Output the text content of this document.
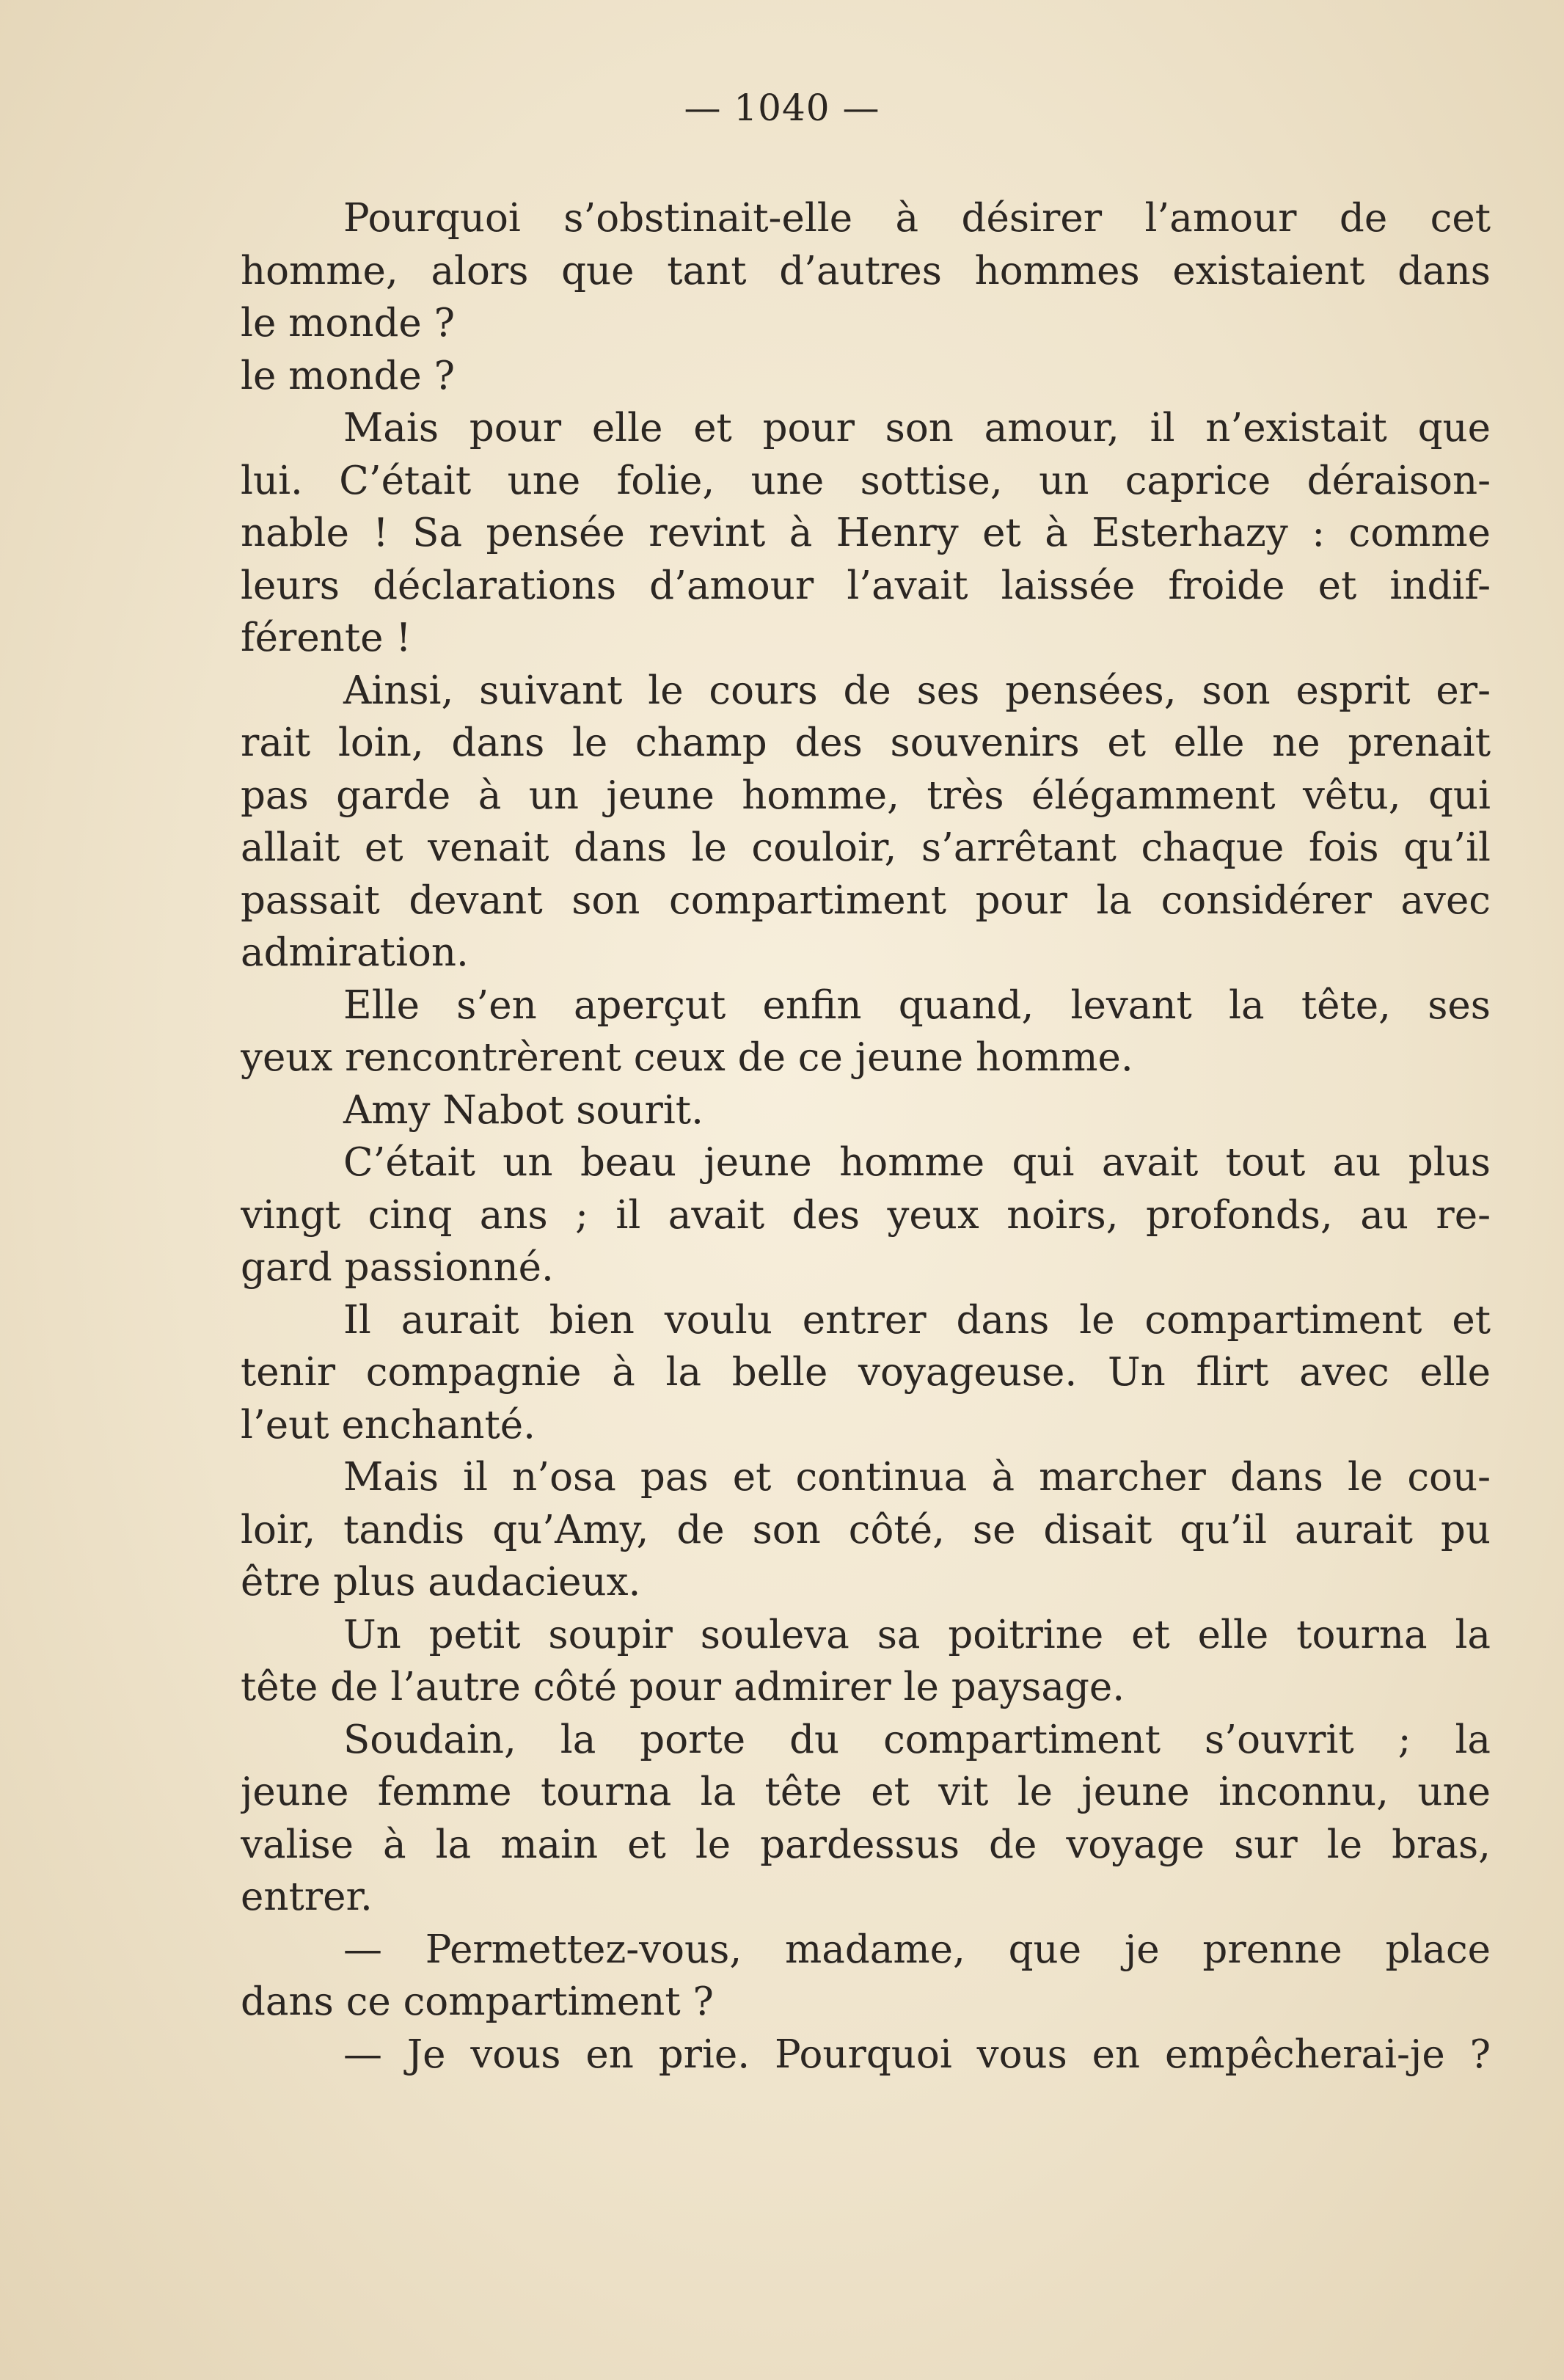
— 1040 —
Pourquoi s’obstinait-elle à désirer l’amour de cet
homme, alors que tant d’autres hommes existaient dans
le monde ?
le monde ?
Mais pour elle et pour son amour, il n’existait que
lui. C’était une folie, une sottise, un caprice déraison-
nable ! Sa pensée revint à Henry et à Esterhazy : comme
leurs déclarations d’amour l’avait laissée froide et indif-
férente !
Ainsi, suivant le cours de ses pensées, son esprit er-
rait loin, dans le champ des souvenirs et elle ne prenait
pas garde à un jeune homme, très élégamment vêtu, qui
allait et venait dans le couloir, s’arrêtant chaque fois qu’il
passait devant son compartiment pour la considérer avec
admiration.
Elle s’en aperçut enfin quand, levant la tête, ses
yeux rencontrèrent ceux de ce jeune homme.
Amy Nabot sourit.
C’était un beau jeune homme qui avait tout au plus
vingt cinq ans ; il avait des yeux noirs, profonds, au re-
gard passionné.
Il aurait bien voulu entrer dans le compartiment et
tenir compagnie à la belle voyageuse. Un flirt avec elle
l’eut enchanté.
Mais il n’osa pas et continua à marcher dans le cou-
loir, tandis qu’Amy, de son côté, se disait qu’il aurait pu
être plus audacieux.
Un petit soupir souleva sa poitrine et elle tourna la
tête de l’autre côté pour admirer le paysage.
Soudain, la porte du compartiment s’ouvrit ; la
jeune femme tourna la tête et vit le jeune inconnu, une
valise à la main et le pardessus de voyage sur le bras,
entrer.
— Permettez-vous, madame, que je prenne place
dans ce compartiment ?
— Je vous en prie. Pourquoi vous en empêcherai-je ?
